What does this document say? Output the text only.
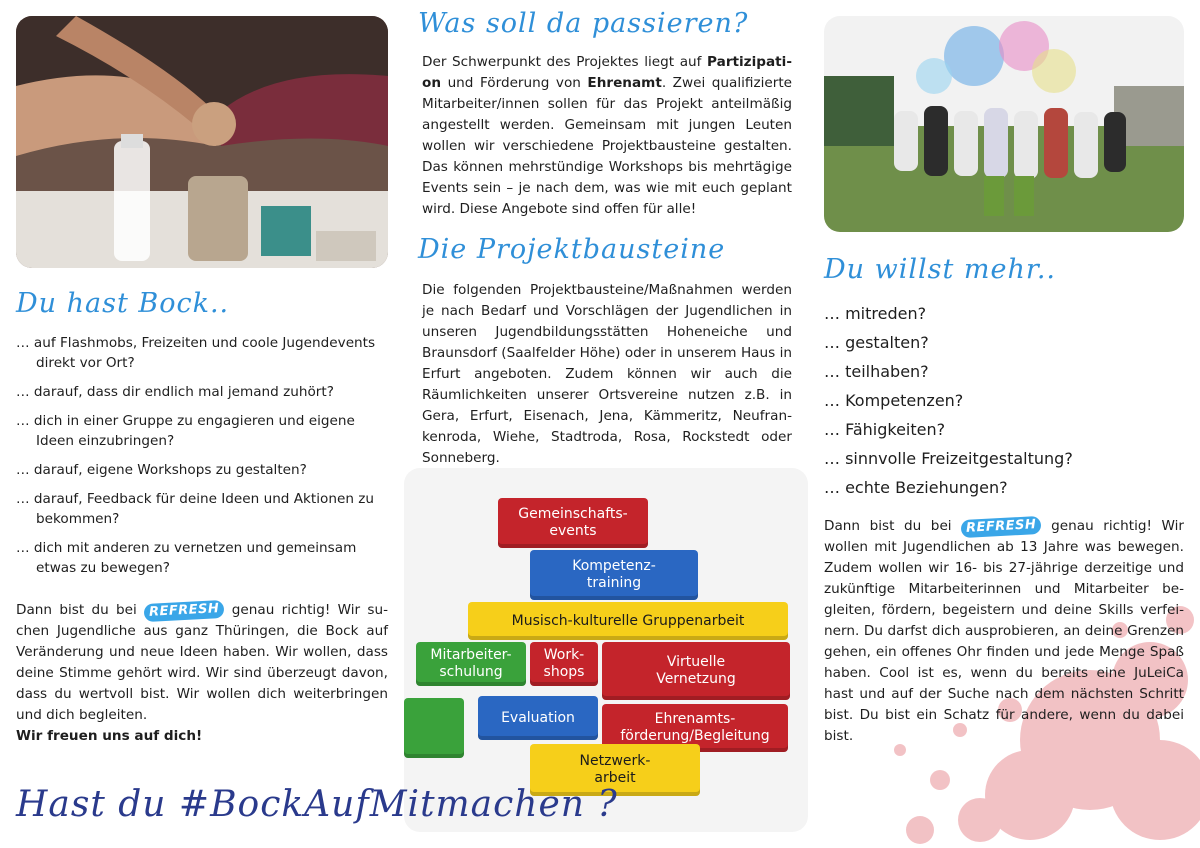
Du hast Bock..
… auf Flashmobs, Freizeiten und coole Jugendevents direkt vor Ort?
… darauf, dass dir endlich mal jemand zuhört?
… dich in einer Gruppe zu engagieren und eigene Ideen einzubringen?
… darauf, eigene Workshops zu gestalten?
… darauf, Feedback für deine Ideen und Aktionen zu bekommen?
… dich mit anderen zu vernetzen und gemeinsam etwas zu bewegen?
Dann bist du bei REFRESH genau richtig! Wir suchen Jugendliche aus ganz Thüringen, die Bock auf Veränderung und neue Ideen haben. Wir wollen, dass deine Stimme gehört wird. Wir sind überzeugt davon, dass du wertvoll bist. Wir wollen dich weiterbringen und dich begleiten.
Wir freuen uns auf dich!
Was soll da passieren?
Der Schwerpunkt des Projektes liegt auf Partizipation und Förderung von Ehrenamt. Zwei qualifizierte Mitarbeiter/innen sollen für das Projekt anteilmäßig angestellt werden. Gemeinsam mit jungen Leuten wollen wir verschiedene Projektbausteine gestalten. Das können mehrstündige Workshops bis mehrtägige Events sein – je nach dem, was wie mit euch geplant wird. Diese Angebote sind offen für alle!
Die Projektbausteine
Die folgenden Projektbausteine/Maßnahmen werden je nach Bedarf und Vorschlägen der Jugendlichen in unseren Jugendbildungsstätten Hoheneiche und Braunsdorf (Saalfelder Höhe) oder in unserem Haus in Erfurt angeboten. Zudem können wir auch die Räumlichkeiten unserer Ortsvereine nutzen z.B. in Gera, Erfurt, Eisenach, Jena, Kämmeritz, Neufrankenroda, Wiehe, Stadtroda, Rosa, Rockstedt oder Sonneberg.
Gemeinschafts-
events
Kompetenz-
training
Musisch-kulturelle Gruppenarbeit
Mitarbeiter-
schulung
Work-
shops
Virtuelle
Vernetzung
Evaluation	Ehrenamts-
förderung/Begleitung
Netzwerk-
arbeit
Du willst mehr..
… mitreden?
… gestalten?
… teilhaben?
… Kompetenzen?
… Fähigkeiten?
… sinnvolle Freizeitgestaltung?
… echte Beziehungen?
Dann bist du bei REFRESH genau richtig! Wir wollen mit Jugendlichen ab 13 Jahre was bewegen. Zudem wollen wir 16- bis 27-jährige derzeitige und zukünftige Mitarbeiterinnen und Mitarbeiter begleiten, fördern, begeistern und deine Skills verfeinern. Du darfst dich ausprobieren, an deine Grenzen gehen, ein offenes Ohr finden und jede Menge Spaß haben. Cool ist es, wenn du bereits eine JuLeiCa hast und auf der Suche nach dem nächsten Schritt bist. Du bist ein Schatz für andere, wenn du dabei bist.
Hast du #BockAufMitmachen ?
